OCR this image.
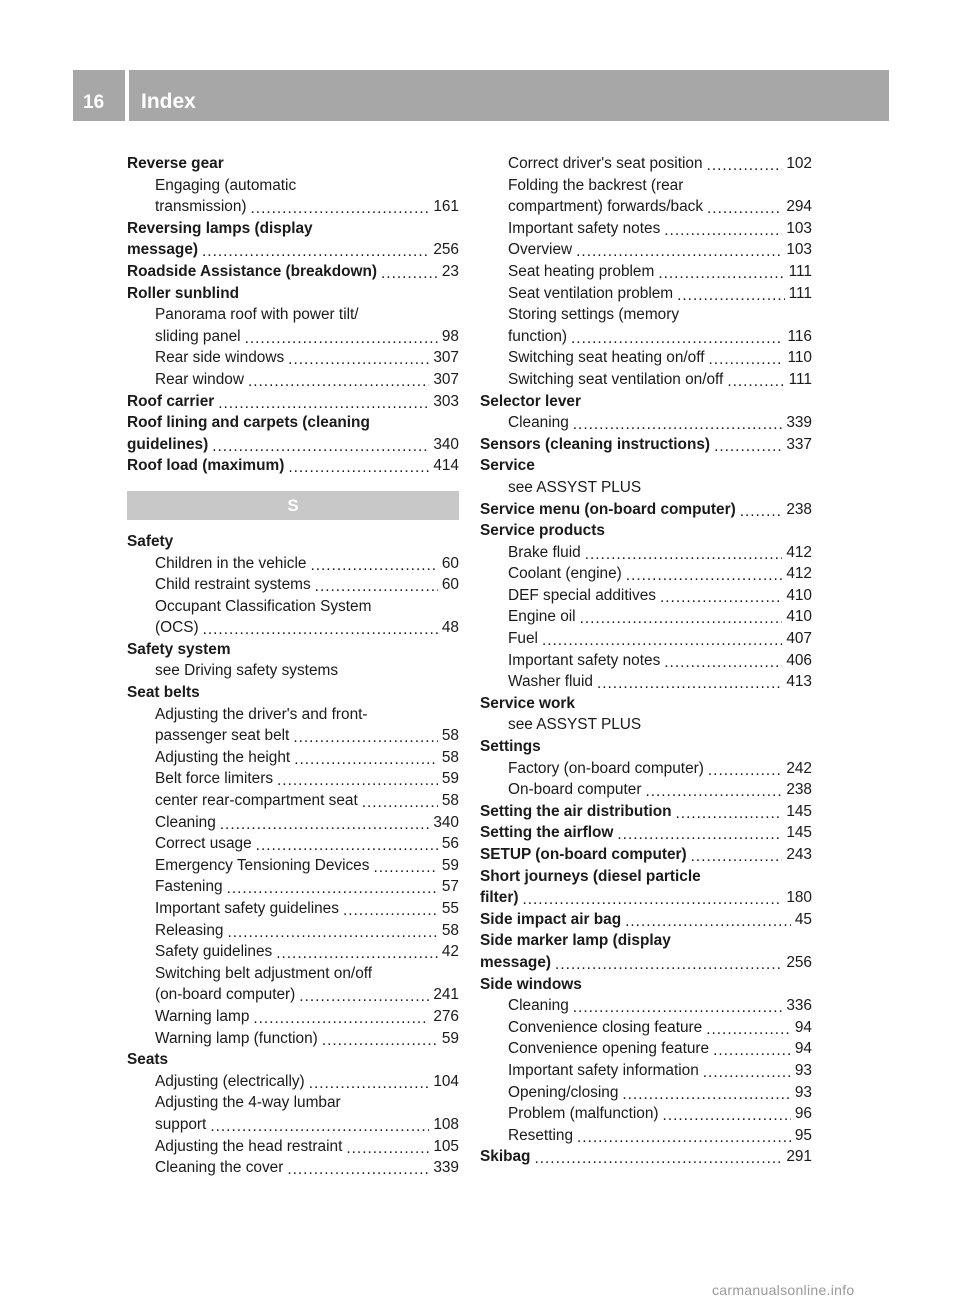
16 Index
Reverse gear
Engaging (automatic
transmission) .....	161
Reversing lamps (display
message) .....	256
Roadside Assistance (breakdown) .....	23
Roller sunblind
Panorama roof with power tilt/
sliding panel .....	98
Rear side windows .....	307
Rear window .....	307
Roof carrier .....	303
Roof lining and carpets (cleaning
guidelines) .....	340
Roof load (maximum) .....	414
S
Safety
Children in the vehicle .....	60
Child restraint systems .....	60
Occupant Classification System
(OCS) .....	48
Safety system
see Driving safety systems
Seat belts
Adjusting the driver's and front-
passenger seat belt .....	58
Adjusting the height .....	58
Belt force limiters .....	59
center rear-compartment seat .....	58
Cleaning .....	340
Correct usage .....	56
Emergency Tensioning Devices .....	59
Fastening .....	57
Important safety guidelines .....	55
Releasing .....	58
Safety guidelines .....	42
Switching belt adjustment on/off
(on-board computer) .....	241
Warning lamp .....	276
Warning lamp (function) .....	59
Seats
Adjusting (electrically) .....	104
Adjusting the 4-way lumbar
support .....	108
Adjusting the head restraint .....	105
Cleaning the cover .....	339
Correct driver's seat position .....	102
Folding the backrest (rear
compartment) forwards/back .....	294
Important safety notes .....	103
Overview .....	103
Seat heating problem .....	111
Seat ventilation problem .....	111
Storing settings (memory
function) .....	116
Switching seat heating on/off .....	110
Switching seat ventilation on/off .....	111
Selector lever
Cleaning .....	339
Sensors (cleaning instructions) .....	337
Service
see ASSYST PLUS
Service menu (on-board computer) .....	238
Service products
Brake fluid .....	412
Coolant (engine) .....	412
DEF special additives .....	410
Engine oil .....	410
Fuel .....	407
Important safety notes .....	406
Washer fluid .....	413
Service work
see ASSYST PLUS
Settings
Factory (on-board computer) .....	242
On-board computer .....	238
Setting the air distribution .....	145
Setting the airflow .....	145
SETUP (on-board computer) .....	243
Short journeys (diesel particle
filter) .....	180
Side impact air bag .....	45
Side marker lamp (display
message) .....	256
Side windows
Cleaning .....	336
Convenience closing feature .....	94
Convenience opening feature .....	94
Important safety information .....	93
Opening/closing .....	93
Problem (malfunction) .....	96
Resetting .....	95
Skibag .....	291
carmanualsonline.info
